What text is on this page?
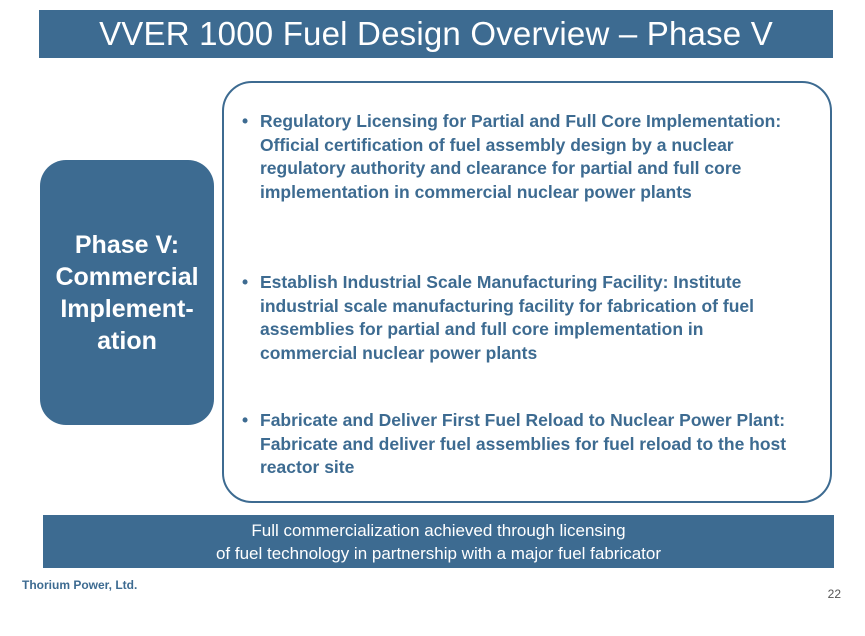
VVER 1000 Fuel Design Overview – Phase V
Phase V:
Commercial
Implement-
ation
• Regulatory Licensing for Partial and Full Core Implementation: Official certification of fuel assembly design by a nuclear regulatory authority and clearance for partial and full core implementation in commercial nuclear power plants
• Establish Industrial Scale Manufacturing Facility: Institute industrial scale manufacturing facility for fabrication of fuel assemblies for partial and full core implementation in commercial nuclear power plants
• Fabricate and Deliver First Fuel Reload to Nuclear Power Plant: Fabricate and deliver fuel assemblies for fuel reload to the host reactor site
Full commercialization achieved through licensing
of fuel technology in partnership with a major fuel fabricator
Thorium Power, Ltd.
22
